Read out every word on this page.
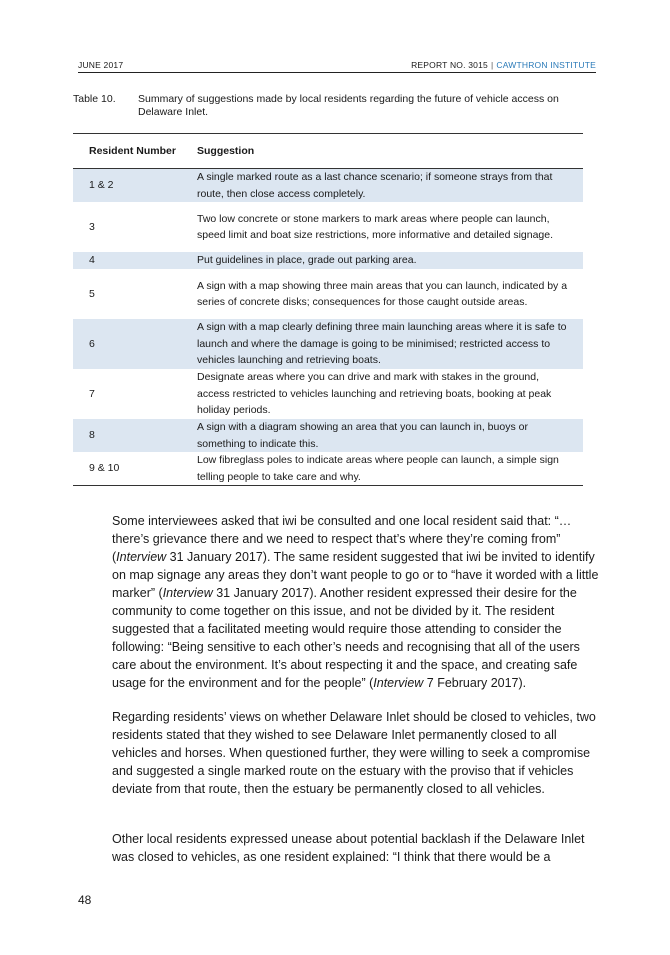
JUNE 2017	REPORT NO. 3015 | CAWTHRON INSTITUTE
Table 10.	Summary of suggestions made by local residents regarding the future of vehicle access on Delaware Inlet.
Resident Number	Suggestion
1 & 2	A single marked route as a last chance scenario; if someone strays from that route, then close access completely.
3	Two low concrete or stone markers to mark areas where people can launch, speed limit and boat size restrictions, more informative and detailed signage.
4	Put guidelines in place, grade out parking area.
5	A sign with a map showing three main areas that you can launch, indicated by a series of concrete disks; consequences for those caught outside areas.
6	A sign with a map clearly defining three main launching areas where it is safe to launch and where the damage is going to be minimised; restricted access to vehicles launching and retrieving boats.
7	Designate areas where you can drive and mark with stakes in the ground, access restricted to vehicles launching and retrieving boats, booking at peak holiday periods.
8	A sign with a diagram showing an area that you can launch in, buoys or something to indicate this.
9 & 10	Low fibreglass poles to indicate areas where people can launch, a simple sign telling people to take care and why.

Some interviewees asked that iwi be consulted and one local resident said that: “…there’s grievance there and we need to respect that’s where they’re coming from” (Interview 31 January 2017). The same resident suggested that iwi be invited to identify on map signage any areas they don’t want people to go or to “have it worded with a little marker” (Interview 31 January 2017). Another resident expressed their desire for the community to come together on this issue, and not be divided by it. The resident suggested that a facilitated meeting would require those attending to consider the following: “Being sensitive to each other’s needs and recognising that all of the users care about the environment. It’s about respecting it and the space, and creating safe usage for the environment and for the people” (Interview 7 February 2017).

Regarding residents’ views on whether Delaware Inlet should be closed to vehicles, two residents stated that they wished to see Delaware Inlet permanently closed to all vehicles and horses. When questioned further, they were willing to seek a compromise and suggested a single marked route on the estuary with the proviso that if vehicles deviate from that route, then the estuary be permanently closed to all vehicles.

Other local residents expressed unease about potential backlash if the Delaware Inlet was closed to vehicles, as one resident explained: “I think that there would be a

48
